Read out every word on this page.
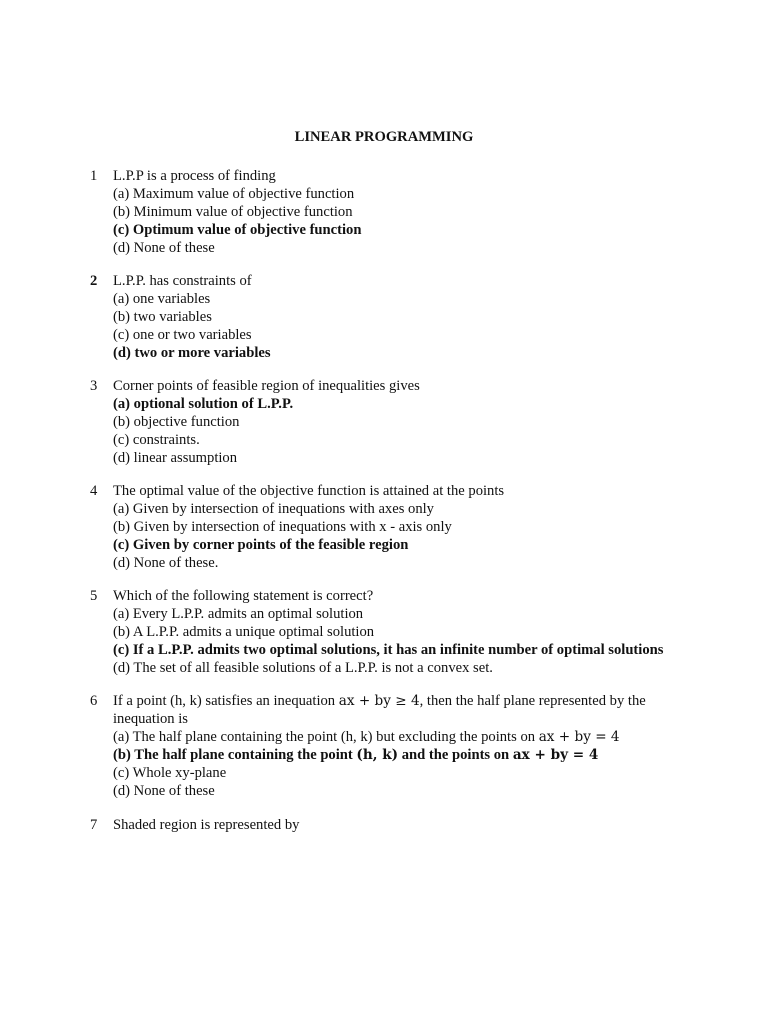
LINEAR PROGRAMMING
1	L.P.P is a process of finding
(a) Maximum value of objective function
(b) Minimum value of objective function
(c) Optimum value of objective function
(d) None of these
2	L.P.P. has constraints of
(a) one variables
(b) two variables
(c) one or two variables
(d) two or more variables
3	Corner points of feasible region of inequalities gives
(a) optional solution of L.P.P.
(b) objective function
(c) constraints.
(d) linear assumption
4	The optimal value of the objective function is attained at the points
(a) Given by intersection of inequations with axes only
(b) Given by intersection of inequations with x - axis only
(c) Given by corner points of the feasible region
(d) None of these.
5	Which of the following statement is correct?
(a) Every L.P.P. admits an optimal solution
(b) A L.P.P. admits a unique optimal solution
(c) If a L.P.P. admits two optimal solutions, it has an infinite number of optimal solutions
(d) The set of all feasible solutions of a L.P.P. is not a convex set.
6	If a point (h, k) satisfies an inequation ax + by ≥ 4, then the half plane represented by the
inequation is
(a) The half plane containing the point (h, k) but excluding the points on ax + by = 4
(b) The half plane containing the point (h, k) and the points on ax + by = 4
(c) Whole xy-plane
(d) None of these
7	Shaded region is represented by
